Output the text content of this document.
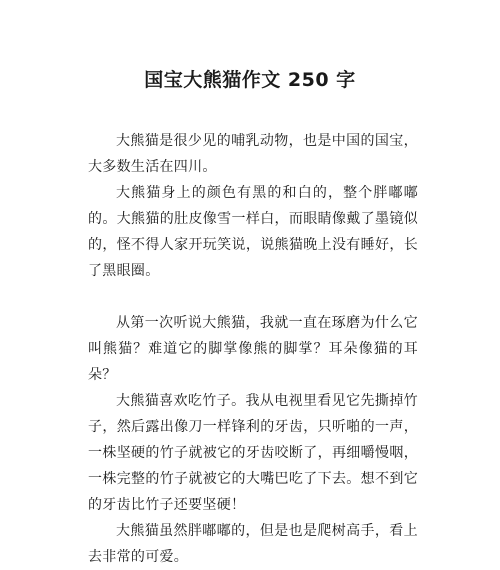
国宝大熊猫作文 250 字

大熊猫是很少见的哺乳动物，也是中国的国宝，大多数生活在四川。

大熊猫身上的颜色有黑的和白的，整个胖嘟嘟的。大熊猫的肚皮像雪一样白，而眼睛像戴了墨镜似的，怪不得人家开玩笑说，说熊猫晚上没有睡好，长了黑眼圈。

从第一次听说大熊猫，我就一直在琢磨为什么它叫熊猫？难道它的脚掌像熊的脚掌？耳朵像猫的耳朵？

大熊猫喜欢吃竹子。我从电视里看见它先撕掉竹子，然后露出像刀一样锋利的牙齿，只听啪的一声，一株坚硬的竹子就被它的牙齿咬断了，再细嚼慢咽，一株完整的竹子就被它的大嘴巴吃了下去。想不到它的牙齿比竹子还要坚硬！

大熊猫虽然胖嘟嘟的，但是也是爬树高手，看上去非常的可爱。
